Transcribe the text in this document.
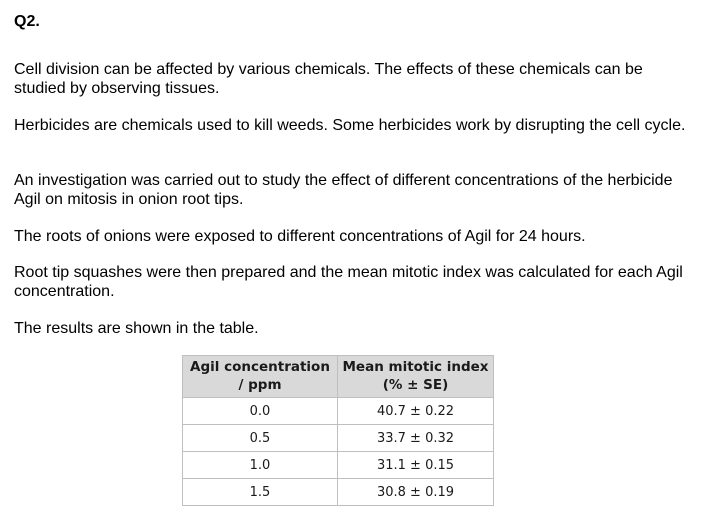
Q2.

Cell division can be affected by various chemicals. The effects of these chemicals can be studied by observing tissues.

Herbicides are chemicals used to kill weeds. Some herbicides work by disrupting the cell cycle.

An investigation was carried out to study the effect of different concentrations of the herbicide Agil on mitosis in onion root tips.

The roots of onions were exposed to different concentrations of Agil for 24 hours.

Root tip squashes were then prepared and the mean mitotic index was calculated for each Agil concentration.

The results are shown in the table.

Agil concentration
/ ppm	Mean mitotic index
(% ± SE)

0.0	40.7 ± 0.22
0.5	33.7 ± 0.32
1.0	31.1 ± 0.15
1.5	30.8 ± 0.19
